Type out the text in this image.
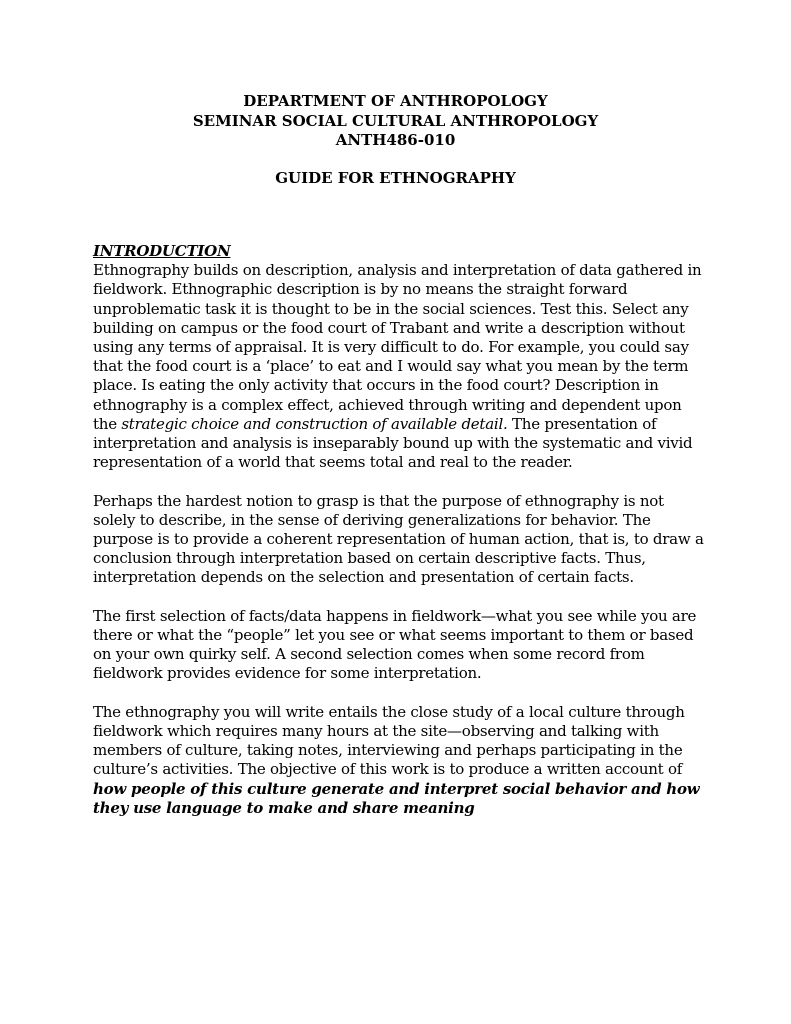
DEPARTMENT OF ANTHROPOLOGY
SEMINAR SOCIAL CULTURAL ANTHROPOLOGY
ANTH486-010
GUIDE FOR ETHNOGRAPHY
INTRODUCTION

Ethnography builds on description, analysis and interpretation of data gathered in fieldwork. Ethnographic description is by no means the straight forward unproblematic task it is thought to be in the social sciences. Test this. Select any building on campus or the food court of Trabant and write a description without using any terms of appraisal. It is very difficult to do. For example, you could say that the food court is a ‘place’ to eat and I would say what you mean by the term place. Is eating the only activity that occurs in the food court? Description in ethnography is a complex effect, achieved through writing and dependent upon the strategic choice and construction of available detail. The presentation of interpretation and analysis is inseparably bound up with the systematic and vivid representation of a world that seems total and real to the reader.

Perhaps the hardest notion to grasp is that the purpose of ethnography is not solely to describe, in the sense of deriving generalizations for behavior. The purpose is to provide a coherent representation of human action, that is, to draw a conclusion through interpretation based on certain descriptive facts. Thus, interpretation depends on the selection and presentation of certain facts.

The first selection of facts/data happens in fieldwork—what you see while you are there or what the “people” let you see or what seems important to them or based on your own quirky self. A second selection comes when some record from fieldwork provides evidence for some interpretation.

The ethnography you will write entails the close study of a local culture through fieldwork which requires many hours at the site—observing and talking with members of culture, taking notes, interviewing and perhaps participating in the culture’s activities. The objective of this work is to produce a written account of how people of this culture generate and interpret social behavior and how they use language to make and share meaning
